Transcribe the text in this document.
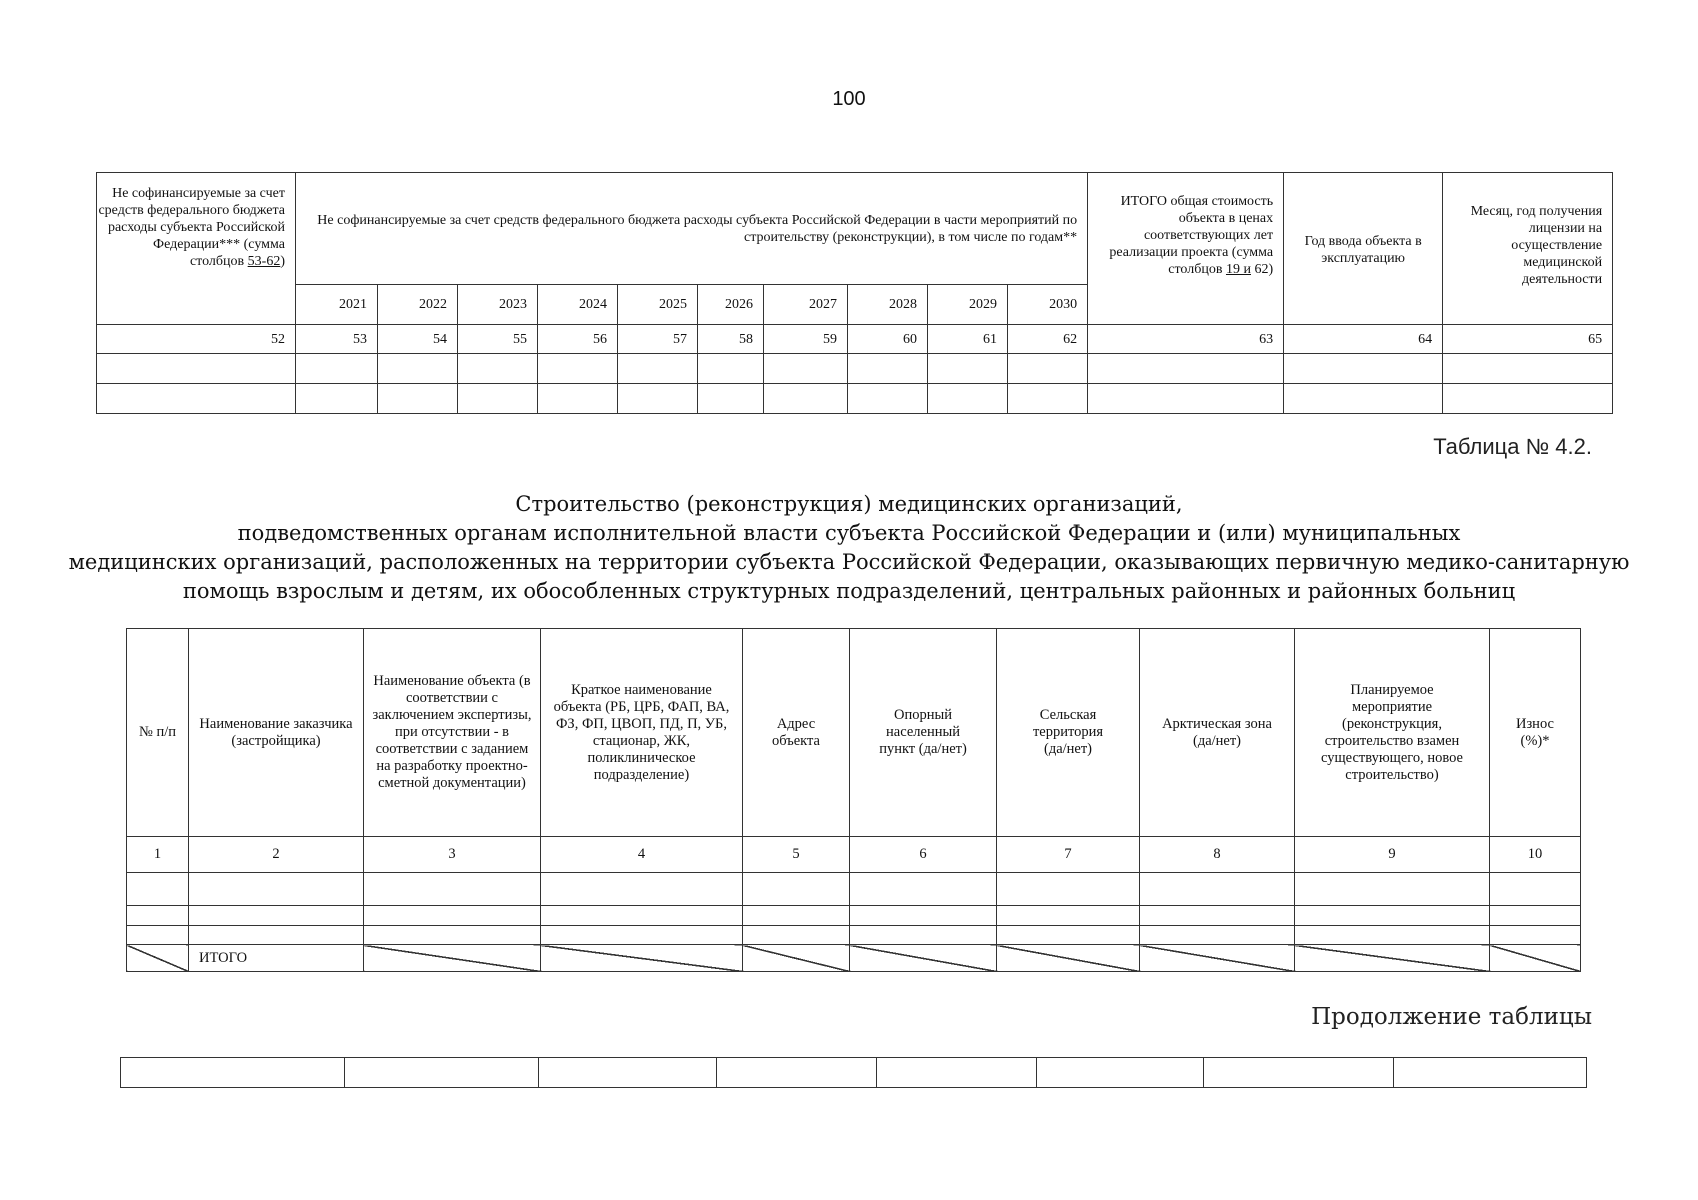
100
Не софинансируемые за счет средств федерального бюджета расходы субъекта Российской Федерации*** (сумма столбцов 53-62)	Не софинансируемые за счет средств федерального бюджета расходы субъекта Российской Федерации в части мероприятий по строительству (реконструкции), в том числе по годам**										ИТОГО общая стоимость объекта в ценах соответствующих лет реализации проекта (сумма столбцов 19 и 62)	Год ввода объекта в эксплуатацию	Месяц, год получения лицензии на осуществление медицинской деятельности
	2021	2022	2023	2024	2025	2026	2027	2028	2029	2030			
52	53	54	55	56	57	58	59	60	61	62	63	64	65

Таблица № 4.2.
Строительство (реконструкция) медицинских организаций,
подведомственных органам исполнительной власти субъекта Российской Федерации и (или) муниципальных
медицинских организаций, расположенных на территории субъекта Российской Федерации, оказывающих первичную медико-санитарную
помощь взрослым и детям, их обособленных структурных подразделений, центральных районных и районных больниц
№ п/п	Наименование заказчика (застройщика)	Наименование объекта (в соответствии с заключением экспертизы, при отсутствии - в соответствии с заданием на разработку проектно-сметной документации)	Краткое наименование объекта (РБ, ЦРБ, ФАП, ВА, ФЗ, ФП, ЦВОП, ПД, П, УБ, стационар, ЖК, поликлиническое подразделение)	Адрес объекта	Опорный населенный пункт (да/нет)	Сельская территория (да/нет)	Арктическая зона (да/нет)	Планируемое мероприятие (реконструкция, строительство взамен существующего, новое строительство)	Износ (%)*
1	2	3	4	5	6	7	8	9	10

	ИТОГО								
Продолжение таблицы
